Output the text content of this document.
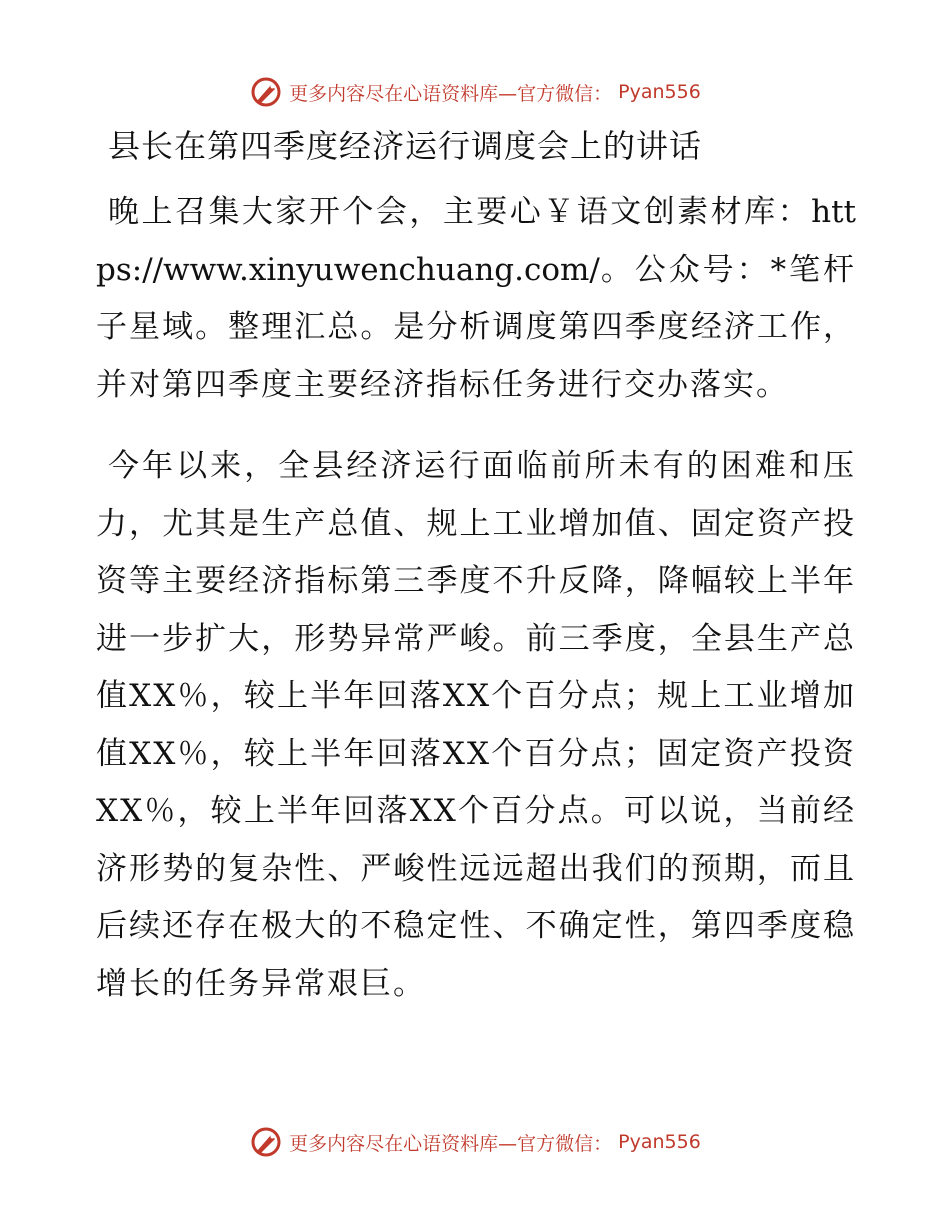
更多内容尽在心语资料库—官方微信： Pyan556
县长在第四季度经济运行调度会上的讲话

晚上召集大家开个会，主要心￥语文创素材库：https://www.xinyuwenchuang.com/。公众号：*笔杆子星域。整理汇总。是分析调度第四季度经济工作，并对第四季度主要经济指标任务进行交办落实。

今年以来，全县经济运行面临前所未有的困难和压力，尤其是生产总值、规上工业增加值、固定资产投资等主要经济指标第三季度不升反降，降幅较上半年进一步扩大，形势异常严峻。前三季度，全县生产总值XX％，较上半年回落XX个百分点；规上工业增加值XX％，较上半年回落XX个百分点；固定资产投资XX％，较上半年回落XX个百分点。可以说，当前经济形势的复杂性、严峻性远远超出我们的预期，而且后续还存在极大的不稳定性、不确定性，第四季度稳增长的任务异常艰巨。

更多内容尽在心语资料库—官方微信： Pyan556
